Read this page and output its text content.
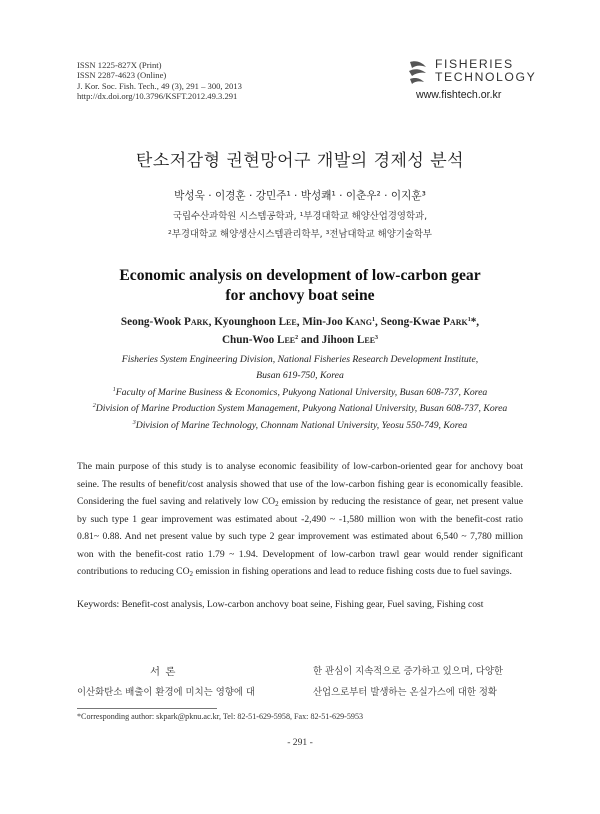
ISSN 1225-827X (Print)
ISSN 2287-4623 (Online)
J. Kor. Soc. Fish. Tech., 49 (3), 291 – 300, 2013
http://dx.doi.org/10.3796/KSFT.2012.49.3.291
FISHERIES
TECHNOLOGY
www.fishtech.or.kr
탄소저감형 권현망어구 개발의 경제성 분석
박성욱 · 이경훈 · 강민주¹ · 박성쾌¹ · 이춘우² · 이지훈³
국립수산과학원 시스템공학과, ¹부경대학교 해양산업경영학과,
²부경대학교 해양생산시스템관리학부, ³전남대학교 해양기술학부
Economic analysis on development of low-carbon gear
for anchovy boat seine
Seong-Wook Park, Kyounghoon Lee, Min-Joo Kang$^1$, Seong-Kwae Park$^1$*,
Chun-Woo Lee$^2$ and Jihoon Lee$^3$
Fisheries System Engineering Division, National Fisheries Research Development Institute,
Busan 619-750, Korea
$^1$Faculty of Marine Business & Economics, Pukyong National University, Busan 608-737, Korea
$^2$Division of Marine Production System Management, Pukyong National University, Busan 608-737, Korea
$^3$Division of Marine Technology, Chonnam National University, Yeosu 550-749, Korea
The main purpose of this study is to analyse economic feasibility of low-carbon-oriented gear for anchovy boat seine. The results of benefit/cost analysis showed that use of the low-carbon fishing gear is economically feasible. Considering the fuel saving and relatively low $CO_2$ emission by reducing the resistance of gear, net present value by such type 1 gear improvement was estimated about -2,490 ~ -1,580 million won with the benefit-cost ratio 0.81~ 0.88. And net present value by such type 2 gear improvement was estimated about 6,540 ~ 7,780 million won with the benefit-cost ratio 1.79 ~ 1.94. Development of low-carbon trawl gear would render significant contributions to reducing $CO_2$ emission in fishing operations and lead to reduce fishing costs due to fuel savings.
Keywords: Benefit-cost analysis, Low-carbon anchovy boat seine, Fishing gear, Fuel saving, Fishing cost
서 론
이산화탄소 배출이 환경에 미치는 영향에 대
한 관심이 지속적으로 증가하고 있으며, 다양한
산업으로부터 발생하는 온실가스에 대한 정확
*Corresponding author: skpark@pknu.ac.kr, Tel: 82-51-629-5958, Fax: 82-51-629-5953
- 291 -
